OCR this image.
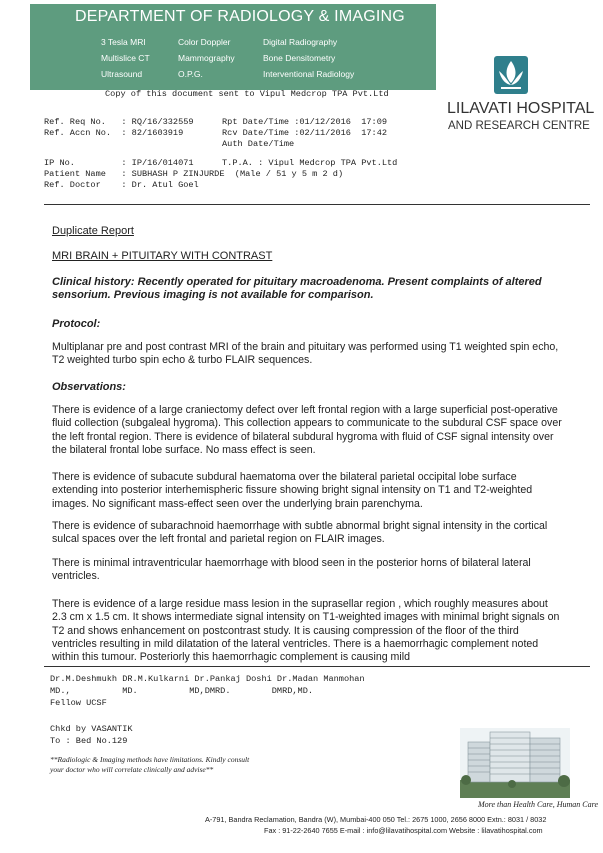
DEPARTMENT OF RADIOLOGY & IMAGING
3 Tesla MRI	Color Doppler	Digital Radiography
Multislice CT	Mammography	Bone Densitometry
Ultrasound	O.P.G.	Interventional Radiology
Copy of this document sent to Vipul Medcrop TPA Pvt.Ltd
LILAVATI HOSPITAL
AND RESEARCH CENTRE
Ref. Req No.   : RQ/16/332559
Ref. Accn No.  : 82/1603919
Rpt Date/Time :01/12/2016  17:09
Rcv Date/Time :02/11/2016  17:42
Auth Date/Time
IP No.         : IP/16/014071	T.P.A. : Vipul Medcrop TPA Pvt.Ltd
Patient Name   : SUBHASH P ZINJURDE  (Male / 51 y 5 m 2 d)
Ref. Doctor    : Dr. Atul Goel
Duplicate Report
MRI BRAIN + PITUITARY WITH CONTRAST
Clinical history: Recently operated for pituitary macroadenoma. Present complaints of altered sensorium. Previous imaging is not available for comparison.
Protocol:
Multiplanar pre and post contrast MRI of the brain and pituitary was performed using T1 weighted spin echo, T2 weighted turbo spin echo & turbo FLAIR sequences.
Observations:
There is evidence of a large craniectomy defect over left frontal region with a large superficial post-operative fluid collection (subgaleal hygroma). This collection appears to communicate to the subdural CSF space over the left frontal region. There is evidence of bilateral subdural hygroma with fluid of CSF signal intensity over the bilateral frontal lobe surface. No mass effect is seen.
There is evidence of subacute subdural haematoma over the bilateral parietal occipital lobe surface extending into posterior interhemispheric fissure showing bright signal intensity on T1 and T2-weighted images. No significant mass-effect seen over the underlying brain parenchyma.
There is evidence of subarachnoid haemorrhage with subtle abnormal bright signal intensity in the cortical sulcal spaces over the left frontal and parietal region on FLAIR images.
There is minimal intraventricular haemorrhage with blood seen in the posterior horns of bilateral lateral ventricles.
There is evidence of a large residue mass lesion in the suprasellar region , which roughly measures about 2.3 cm x 1.5 cm. It shows intermediate signal intensity on T1-weighted images with minimal bright signals on T2 and shows enhancement on postcontrast study. It is causing compression of the floor of the third ventricles resulting in mild dilatation of the lateral ventricles. There is a haemorrhagic complement noted within this tumour. Posteriorly this haemorrhagic complement is causing mild
Dr.M.Deshmukh DR.M.Kulkarni Dr.Pankaj Doshi Dr.Madan Manmohan
MD.,          MD.          MD,DMRD.        DMRD,MD.
Fellow UCSF
Chkd by VASANTIK
To : Bed No.129
**Radiologic & Imaging methods have limitations. Kindly consult
your doctor who will correlate clinically and advise**
More than Health Care, Human Care
A-791, Bandra Reclamation, Bandra (W), Mumbai-400 050 Tel.: 2675 1000, 2656 8000 Extn.: 8031 / 8032
Fax : 91-22-2640 7655 E-mail : info@lilavatihospital.com Website : lilavatihospital.com
